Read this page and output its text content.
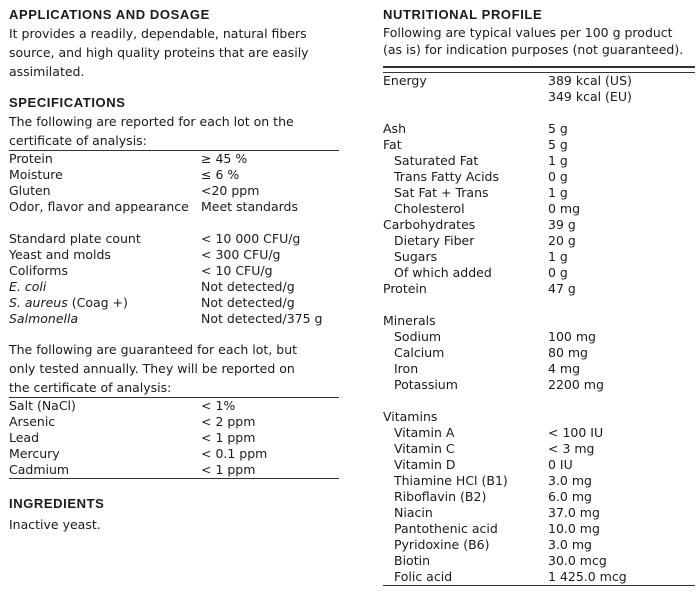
APPLICATIONS AND DOSAGE

It provides a readily, dependable, natural fibers source, and high quality proteins that are easily assimilated.

SPECIFICATIONS

The following are reported for each lot on the certificate of analysis:

Protein	≥ 45 %
Moisture	≤ 6 %
Gluten	<20 ppm
Odor, flavor and appearance	Meet standards

Standard plate count	< 10 000 CFU/g
Yeast and molds	< 300 CFU/g
Coliforms	< 10 CFU/g
E. coli	Not detected/g
S. aureus (Coag +)	Not detected/g
Salmonella	Not detected/375 g

The following are guaranteed for each lot, but only tested annually. They will be reported on the certificate of analysis:

Salt (NaCl)	< 1%
Arsenic	< 2 ppm
Lead	< 1 ppm
Mercury	< 0.1 ppm
Cadmium	< 1 ppm
INGREDIENTS

Inactive yeast.

NUTRITIONAL PROFILE

Following are typical values per 100 g product (as is) for indication purposes (not guaranteed).

Energy	389 kcal (US)
	349 kcal (EU)

Ash	5 g
Fat	5 g
Saturated Fat	1 g
Trans Fatty Acids	0 g
Sat Fat + Trans	1 g
Cholesterol	0 mg
Carbohydrates	39 g
Dietary Fiber	20 g
Sugars	1 g
Of which added	0 g
Protein	47 g

Minerals	
Sodium	100 mg
Calcium	80 mg
Iron	4 mg
Potassium	2200 mg

Vitamins	
Vitamin A	< 100 IU
Vitamin C	< 3 mg
Vitamin D	0 IU
Thiamine HCl (B1)	3.0 mg
Riboflavin (B2)	6.0 mg
Niacin	37.0 mg
Pantothenic acid	10.0 mg
Pyridoxine (B6)	3.0 mg
Biotin	30.0 mcg
Folic acid	1 425.0 mcg
